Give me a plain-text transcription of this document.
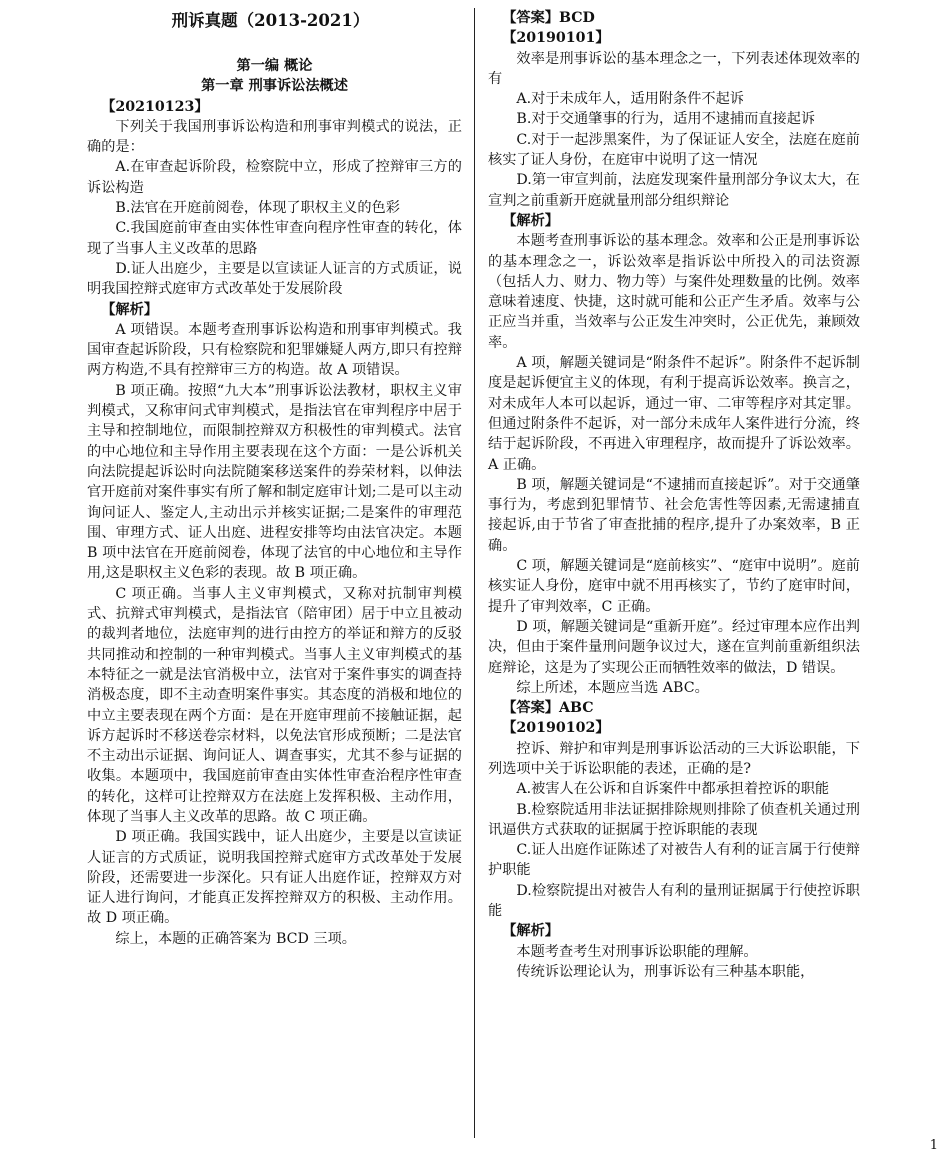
刑诉真题（2013-2021）

第一编 概论

第一章 刑事诉讼法概述

【20210123】

下列关于我国刑事诉讼构造和刑事审判模式的说法，正确的是：

A.在审查起诉阶段，检察院中立，形成了控辩审三方的诉讼构造

B.法官在开庭前阅卷，体现了职权主义的色彩

C.我国庭前审查由实体性审查向程序性审查的转化，体现了当事人主义改革的思路

D.证人出庭少，主要是以宣读证人证言的方式质证，说明我国控辩式庭审方式改革处于发展阶段

【解析】

A 项错误。本题考查刑事诉讼构造和刑事审判模式。我国审查起诉阶段，只有检察院和犯罪嫌疑人两方,即只有控辩两方构造,不具有控辩审三方的构造。故 A 项错误。

B 项正确。按照“九大本”刑事诉讼法教材，职权主义审判模式，又称审问式审判模式，是指法官在审判程序中居于主导和控制地位，而限制控辩双方积极性的审判模式。法官的中心地位和主导作用主要表现在这个方面：一是公诉机关向法院提起诉讼时向法院随案移送案件的券荣材料，以伸法官开庭前对案件事实有所了解和制定庭审计划;二是可以主动询问证人、鉴定人,主动出示并核实证据;二是案件的审理范围、审理方式、证人出庭、进程安排等均由法官决定。本题 B 项中法官在开庭前阅卷，体现了法官的中心地位和主导作用,这是职权主义色彩的表现。故 B 项正确。

C 项正确。当事人主义审判模式，又称对抗制审判模式、抗辩式审判模式，是指法官（陪审团）居于中立且被动的裁判者地位，法庭审判的进行由控方的举证和辩方的反驳共同推动和控制的一种审判模式。当事人主义审判模式的基本特征之一就是法官消极中立，法官对于案件事实的调查持消极态度，即不主动查明案件事实。其态度的消极和地位的中立主要表现在两个方面：是在开庭审理前不接触证据，起诉方起诉时不移送卷宗材料，以免法官形成预断；二是法官不主动出示证据、询问证人、调查事实，尤其不参与证据的收集。本题项中，我国庭前审查由实体性审查治程序性审查的转化，这样可让控辩双方在法庭上发挥积极、主动作用，体现了当事人主义改革的思路。故 C 项正确。

D 项正确。我国实践中，证人出庭少，主要是以宣读证人证言的方式质证，说明我国控辩式庭审方式改革处于发展阶段，还需要进一步深化。只有证人出庭作证，控辩双方对证人进行询问，才能真正发挥控辩双方的积极、主动作用。故 D 项正确。

综上，本题的正确答案为 BCD 三项。

【答案】BCD

【20190101】

效率是刑事诉讼的基本理念之一，下列表述体现效率的有

A.对于未成年人，适用附条件不起诉

B.对于交通肇事的行为，适用不逮捕而直接起诉

C.对于一起涉黑案件，为了保证证人安全，法庭在庭前核实了证人身份，在庭审中说明了这一情况

D.第一审宣判前，法庭发现案件量刑部分争议太大，在宣判之前重新开庭就量刑部分组织辩论

【解析】

本题考查刑事诉讼的基本理念。效率和公正是刑事诉讼的基本理念之一，诉讼效率是指诉讼中所投入的司法资源（包括人力、财力、物力等）与案件处理数量的比例。效率意味着速度、快捷，这时就可能和公正产生矛盾。效率与公正应当并重，当效率与公正发生冲突时，公正优先，兼顾效率。

A 项，解题关键词是“附条件不起诉”。附条件不起诉制度是起诉便宜主义的体现，有利于提高诉讼效率。换言之，对未成年人本可以起诉，通过一审、二审等程序对其定罪。但通过附条件不起诉，对一部分未成年人案件进行分流，终结于起诉阶段，不再进入审理程序，故而提升了诉讼效率。A 正确。

B 项，解题关键词是“不逮捕而直接起诉”。对于交通肇事行为，考虑到犯罪情节、社会危害性等因素,无需逮捕直接起诉,由于节省了审查批捕的程序,提升了办案效率，B 正确。

C 项，解题关键词是“庭前核实”、“庭审中说明”。庭前核实证人身份，庭审中就不用再核实了，节约了庭审时间，提升了审判效率，C 正确。

D 项，解题关键词是“重新开庭”。经过审理本应作出判决，但由于案件量刑问题争议过大，遂在宣判前重新组织法庭辩论，这是为了实现公正而牺牲效率的做法，D 错误。

综上所述，本题应当选 ABC。

【答案】ABC

【20190102】

控诉、辩护和审判是刑事诉讼活动的三大诉讼职能，下列选项中关于诉讼职能的表述，正确的是?

A.被害人在公诉和自诉案件中都承担着控诉的职能

B.检察院适用非法证据排除规则排除了侦查机关通过刑讯逼供方式获取的证据属于控诉职能的表现

C.证人出庭作证陈述了对被告人有利的证言属于行使辩护职能

D.检察院提出对被告人有利的量刑证据属于行使控诉职能

【解析】

本题考查考生对刑事诉讼职能的理解。

传统诉讼理论认为，刑事诉讼有三种基本职能，

1
